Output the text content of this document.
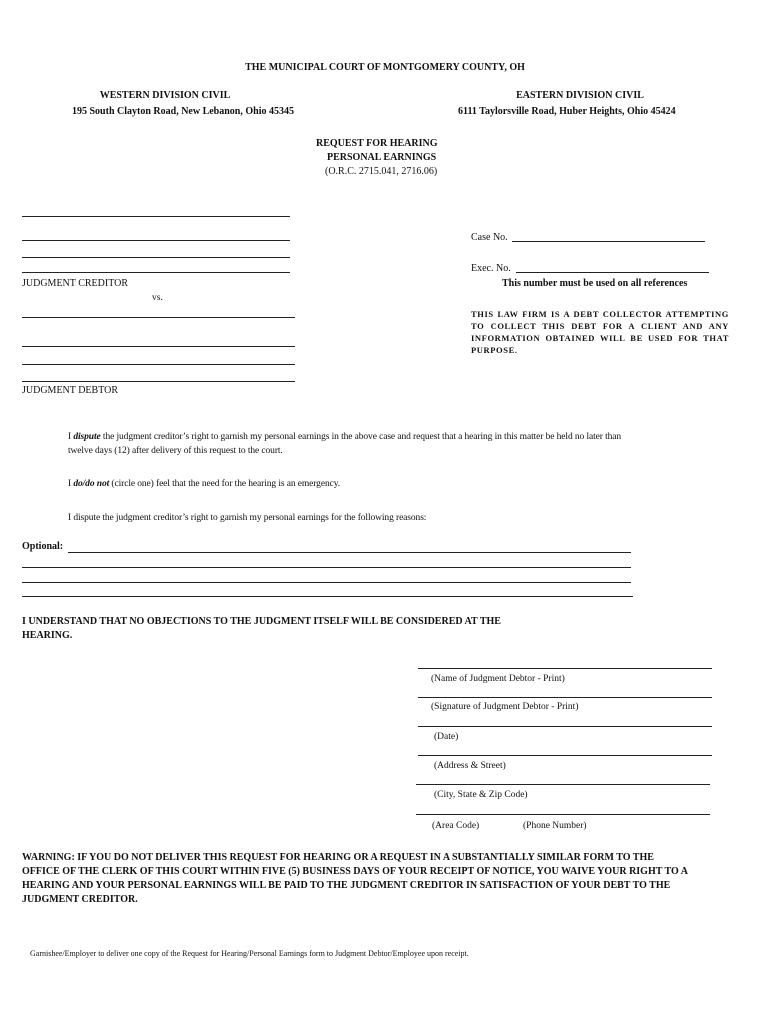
THE MUNICIPAL COURT OF MONTGOMERY COUNTY, OH
WESTERN DIVISION CIVIL
195 South Clayton Road, New Lebanon, Ohio 45345
EASTERN DIVISION CIVIL
6111 Taylorsville Road, Huber Heights, Ohio 45424
REQUEST FOR HEARING
PERSONAL EARNINGS
(O.R.C. 2715.041, 2716.06)
JUDGMENT CREDITOR
vs.
JUDGMENT DEBTOR
Case No.
Exec. No.
This number must be used on all references
THIS LAW FIRM IS A DEBT COLLECTOR ATTEMPTING TO COLLECT THIS DEBT FOR A CLIENT AND ANY INFORMATION OBTAINED WILL BE USED FOR THAT PURPOSE.
I dispute the judgment creditor’s right to garnish my personal earnings in the above case and request that a hearing in this matter be held no later than twelve days (12) after delivery of this request to the court.
I do/do not (circle one) feel that the need for the hearing is an emergency.
I dispute the judgment creditor’s right to garnish my personal earnings for the following reasons:
Optional:
I UNDERSTAND THAT NO OBJECTIONS TO THE JUDGMENT ITSELF WILL BE CONSIDERED AT THE HEARING.
(Name of Judgment Debtor - Print)
(Signature of Judgment Debtor - Print)
(Date)
(Address & Street)
(City, State & Zip Code)
(Area Code)	(Phone Number)
WARNING: IF YOU DO NOT DELIVER THIS REQUEST FOR HEARING OR A REQUEST IN A SUBSTANTIALLY SIMILAR FORM TO THE OFFICE OF THE CLERK OF THIS COURT WITHIN FIVE (5) BUSINESS DAYS OF YOUR RECEIPT OF NOTICE, YOU WAIVE YOUR RIGHT TO A HEARING AND YOUR PERSONAL EARNINGS WILL BE PAID TO THE JUDGMENT CREDITOR IN SATISFACTION OF YOUR DEBT TO THE JUDGMENT CREDITOR.
Garnishee/Employer to deliver one copy of the Request for Hearing/Personal Earnings form to Judgment Debtor/Employee upon receipt.
